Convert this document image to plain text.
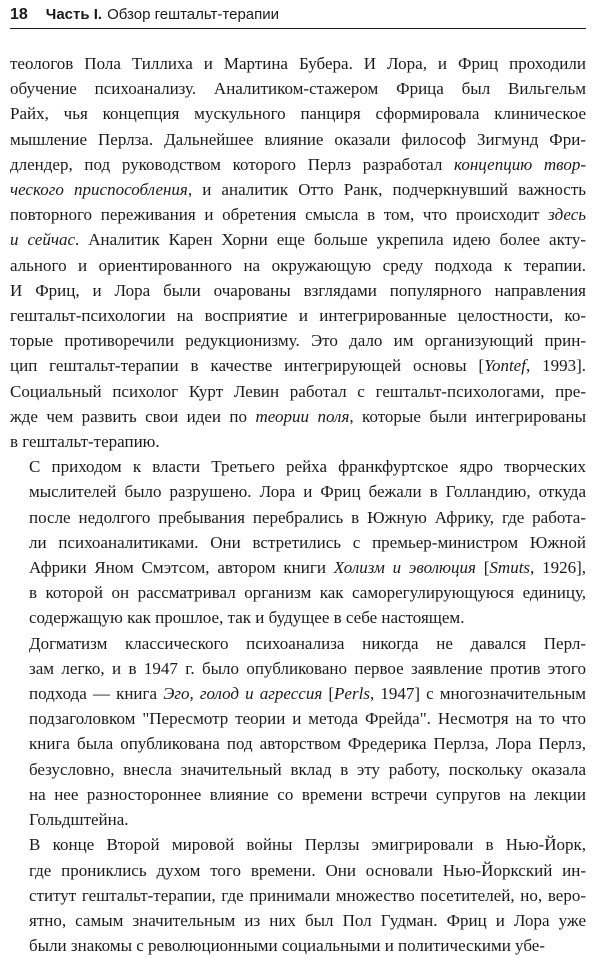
18 Часть I. Обзор гештальт-терапии

теологов Пола Тиллиха и Мартина Бубера. И Лора, и Фриц проходили
обучение психоанализу. Аналитиком-стажером Фрица был Вильгельм
Райх, чья концепция мускульного панциря сформировала клиническое
мышление Перлза. Дальнейшее влияние оказали философ Зигмунд Фри-
длендер, под руководством которого Перлз разработал концепцию твор-
ческого приспособления, и аналитик Отто Ранк, подчеркнувший важность
повторного переживания и обретения смысла в том, что происходит здесь
и сейчас. Аналитик Карен Хорни еще больше укрепила идею более акту-
ального и ориентированного на окружающую среду подхода к терапии.
И Фриц, и Лора были очарованы взглядами популярного направления
гештальт-психологии на восприятие и интегрированные целостности, ко-
торые противоречили редукционизму. Это дало им организующий прин-
цип гештальт-терапии в качестве интегрирующей основы [Yontef, 1993].
Социальный психолог Курт Левин работал с гештальт-психологами, пре-
жде чем развить свои идеи по теории поля, которые были интегрированы
в гештальт-терапию.

С приходом к власти Третьего рейха франкфуртское ядро творческих
мыслителей было разрушено. Лора и Фриц бежали в Голландию, откуда
после недолгого пребывания перебрались в Южную Африку, где работа-
ли психоаналитиками. Они встретились с премьер-министром Южной
Африки Яном Смэтсом, автором книги Холизм и эволюция [Smuts, 1926],
в которой он рассматривал организм как саморегулирующуюся единицу,
содержащую как прошлое, так и будущее в себе настоящем.

Догматизм классического психоанализа никогда не давался Перл-
зам легко, и в 1947 г. было опубликовано первое заявление против этого
подхода — книга Эго, голод и агрессия [Perls, 1947] с многозначительным
подзаголовком "Пересмотр теории и метода Фрейда". Несмотря на то что
книга была опубликована под авторством Фредерика Перлза, Лора Перлз,
безусловно, внесла значительный вклад в эту работу, поскольку оказала
на нее разностороннее влияние со времени встречи супругов на лекции
Гольдштейна.

В конце Второй мировой войны Перлзы эмигрировали в Нью-Йорк,
где прониклись духом того времени. Они основали Нью-Йоркский ин-
ститут гештальт-терапии, где принимали множество посетителей, но, веро-
ятно, самым значительным из них был Пол Гудман. Фриц и Лора уже
были знакомы с революционными социальными и политическими убе-
